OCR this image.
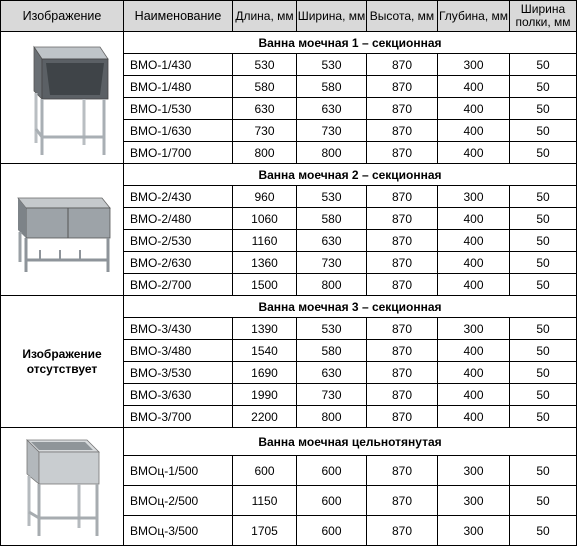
Изображение	Наименование	Длина, мм	Ширина, мм	Высота, мм	Глубина, мм	Ширина полки, мм

	Ванна моечная 1 – секционная					
	ВМО-1/430	530	530	870	300	50
	ВМО-1/480	580	580	870	400	50
	ВМО-1/530	630	630	870	400	50
	ВМО-1/630	730	730	870	400	50
	ВМО-1/700	800	800	870	400	50

	Ванна моечная 2 – секционная					
	ВМО-2/430	960	530	870	300	50
	ВМО-2/480	1060	580	870	400	50
	ВМО-2/530	1160	630	870	400	50
	ВМО-2/630	1360	730	870	400	50
	ВМО-2/700	1500	800	870	400	50

Изображение отсутствует	Ванна моечная 3 – секционная					
	ВМО-3/430	1390	530	870	300	50
	ВМО-3/480	1540	580	870	400	50
	ВМО-3/530	1690	630	870	400	50
	ВМО-3/630	1990	730	870	400	50
	ВМО-3/700	2200	800	870	400	50

	Ванна моечная цельнотянутая					
	ВМОц-1/500	600	600	870	300	50
	ВМОц-2/500	1150	600	870	300	50
	ВМОц-3/500	1705	600	870	300	50
